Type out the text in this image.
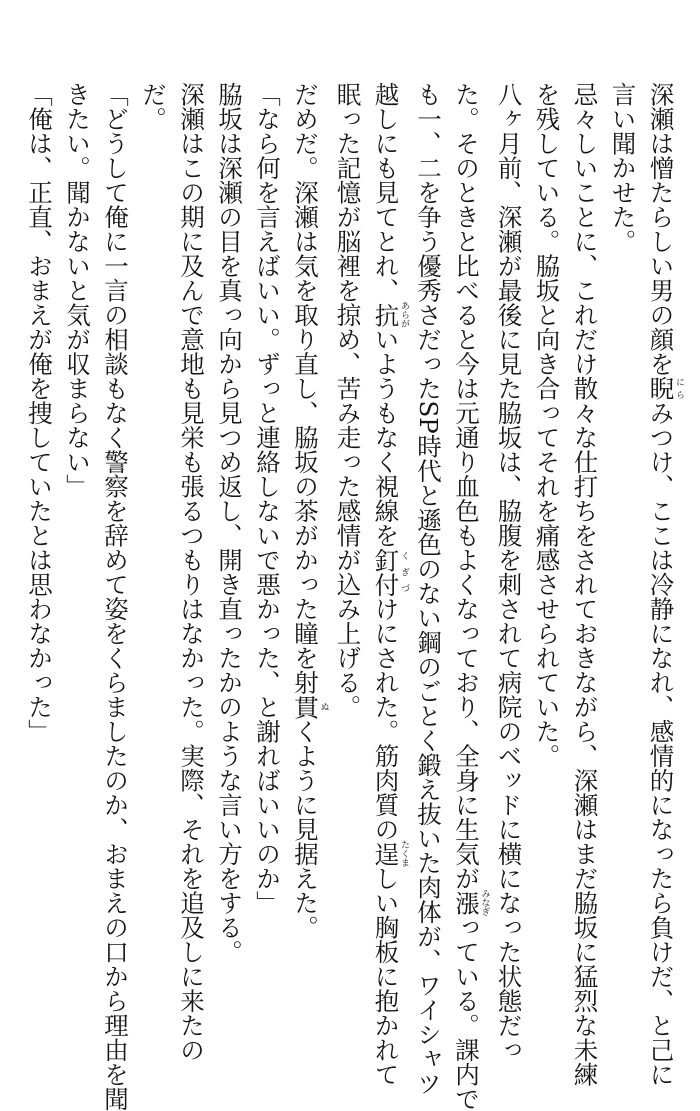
深瀬は憎たらしい男の顔を睨にらみつけ、ここは冷静になれ、感情的になったら負けだ、と己に
言い聞かせた。
忌々しいことに、これだけ散々な仕打ちをされておきながら、深瀬はまだ脇坂に猛烈な未練
を残している。脇坂と向き合ってそれを痛感させられていた。
八ヶ月前、深瀬が最後に見た脇坂は、脇腹を刺されて病院のベッドに横になった状態だっ
た。そのときと比べると今は元通り血色もよくなっており、全身に生気が漲みなぎっている。課内で
も一、二を争う優秀さだったSP時代と遜色のない鋼のごとく鍛え抜いた肉体が、ワイシャツ
越しにも見てとれ、抗あらがいようもなく視線を釘付くぎづけにされた。筋肉質の逞たくましい胸板に抱かれて
眠った記憶が脳裡を掠め、苦み走った感情が込み上げる。
だめだ。深瀬は気を取り直し、脇坂の茶がかった瞳を射貫ぬくように見据えた。
「なら何を言えばいい。ずっと連絡しないで悪かった、と謝ればいいのか」
脇坂は深瀬の目を真っ向から見つめ返し、開き直ったかのような言い方をする。
深瀬はこの期に及んで意地も見栄も張るつもりはなかった。実際、それを追及しに来たの
だ。
「どうして俺に一言の相談もなく警察を辞めて姿をくらましたのか、おまえの口から理由を聞
きたい。聞かないと気が収まらない」
「俺は、正直、おまえが俺を捜していたとは思わなかった」
